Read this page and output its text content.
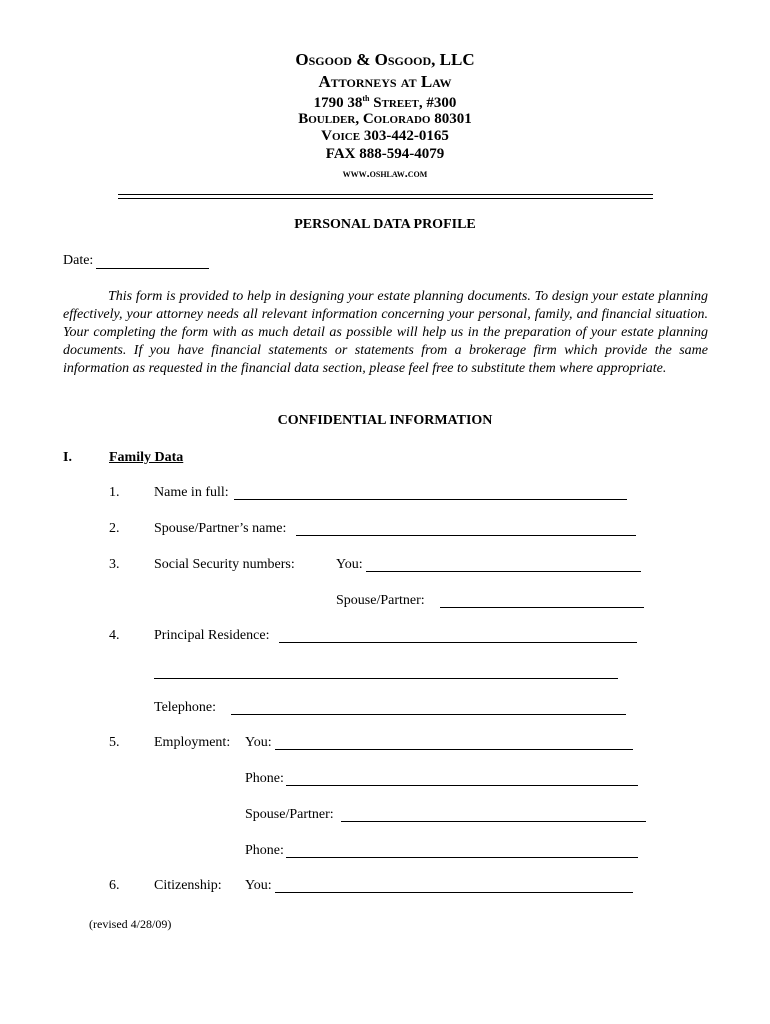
Osgood & Osgood, LLC
Attorneys at Law
1790 38th Street, #300
Boulder, Colorado 80301
Voice 303-442-0165
FAX 888-594-4079
www.oshlaw.com
PERSONAL DATA PROFILE
Date:
This form is provided to help in designing your estate planning documents. To design your estate planning effectively, your attorney needs all relevant information concerning your personal, family, and financial situation. Your completing the form with as much detail as possible will help us in the preparation of your estate planning documents. If you have financial statements or statements from a brokerage firm which provide the same information as requested in the financial data section, please feel free to substitute them where appropriate.
CONFIDENTIAL INFORMATION
I.	Family Data
1. Name in full:
2. Spouse/Partner’s name:
3. Social Security numbers:	You:
Spouse/Partner:
4. Principal Residence:
Telephone:
5. Employment: You:
Phone:
Spouse/Partner:
Phone:
6. Citizenship: You:
(revised 4/28/09)
